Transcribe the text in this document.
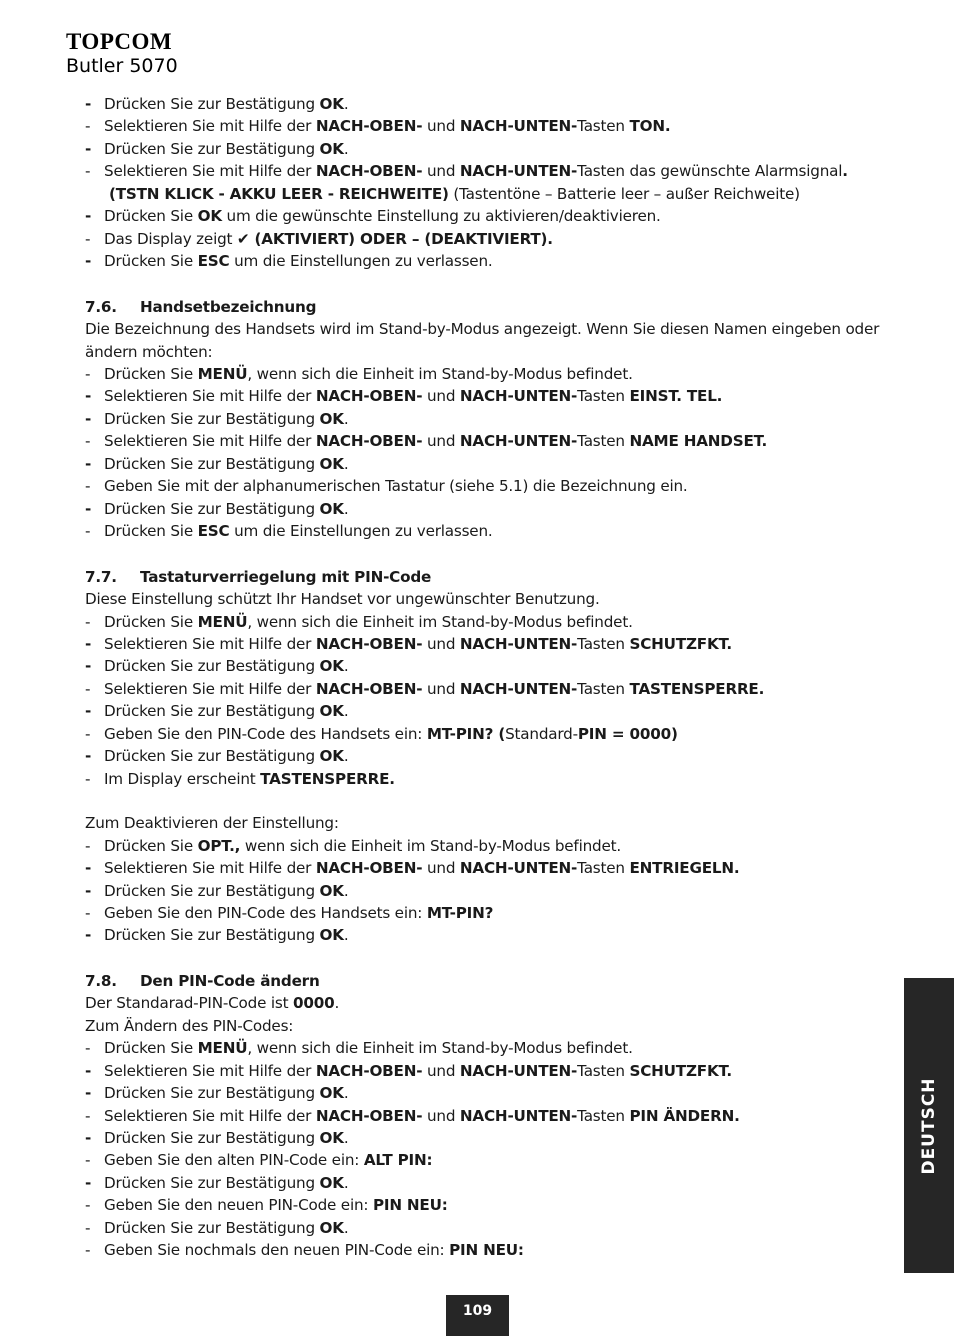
TOPCOM
Butler 5070
- Drücken Sie zur Bestätigung OK.
- Selektieren Sie mit Hilfe der NACH-OBEN- und NACH-UNTEN-Tasten TON.
- Drücken Sie zur Bestätigung OK.
- Selektieren Sie mit Hilfe der NACH-OBEN- und NACH-UNTEN-Tasten das gewünschte Alarmsignal.
(TSTN KLICK - AKKU LEER - REICHWEITE) (Tastentöne – Batterie leer – außer Reichweite)
- Drücken Sie OK um die gewünschte Einstellung zu aktivieren/deaktivieren.
- Das Display zeigt ✔ (AKTIVIERT) ODER – (DEAKTIVIERT).
- Drücken Sie ESC um die Einstellungen zu verlassen.
7.6. Handsetbezeichnung
Die Bezeichnung des Handsets wird im Stand-by-Modus angezeigt. Wenn Sie diesen Namen eingeben oder ändern möchten:
- Drücken Sie MENÜ, wenn sich die Einheit im Stand-by-Modus befindet.
- Selektieren Sie mit Hilfe der NACH-OBEN- und NACH-UNTEN-Tasten EINST. TEL.
- Drücken Sie zur Bestätigung OK.
- Selektieren Sie mit Hilfe der NACH-OBEN- und NACH-UNTEN-Tasten NAME HANDSET.
- Drücken Sie zur Bestätigung OK.
- Geben Sie mit der alphanumerischen Tastatur (siehe 5.1) die Bezeichnung ein.
- Drücken Sie zur Bestätigung OK.
- Drücken Sie ESC um die Einstellungen zu verlassen.
7.7. Tastaturverriegelung mit PIN-Code
Diese Einstellung schützt Ihr Handset vor ungewünschter Benutzung.
- Drücken Sie MENÜ, wenn sich die Einheit im Stand-by-Modus befindet.
- Selektieren Sie mit Hilfe der NACH-OBEN- und NACH-UNTEN-Tasten SCHUTZFKT.
- Drücken Sie zur Bestätigung OK.
- Selektieren Sie mit Hilfe der NACH-OBEN- und NACH-UNTEN-Tasten TASTENSPERRE.
- Drücken Sie zur Bestätigung OK.
- Geben Sie den PIN-Code des Handsets ein: MT-PIN? (Standard-PIN = 0000)
- Drücken Sie zur Bestätigung OK.
- Im Display erscheint TASTENSPERRE.
Zum Deaktivieren der Einstellung:
- Drücken Sie OPT., wenn sich die Einheit im Stand-by-Modus befindet.
- Selektieren Sie mit Hilfe der NACH-OBEN- und NACH-UNTEN-Tasten ENTRIEGELN.
- Drücken Sie zur Bestätigung OK.
- Geben Sie den PIN-Code des Handsets ein: MT-PIN?
- Drücken Sie zur Bestätigung OK.
7.8. Den PIN-Code ändern
Der Standarad-PIN-Code ist 0000.
Zum Ändern des PIN-Codes:
- Drücken Sie MENÜ, wenn sich die Einheit im Stand-by-Modus befindet.
- Selektieren Sie mit Hilfe der NACH-OBEN- und NACH-UNTEN-Tasten SCHUTZFKT.
- Drücken Sie zur Bestätigung OK.
- Selektieren Sie mit Hilfe der NACH-OBEN- und NACH-UNTEN-Tasten PIN ÄNDERN.
- Drücken Sie zur Bestätigung OK.
- Geben Sie den alten PIN-Code ein: ALT PIN:
- Drücken Sie zur Bestätigung OK.
- Geben Sie den neuen PIN-Code ein: PIN NEU:
- Drücken Sie zur Bestätigung OK.
- Geben Sie nochmals den neuen PIN-Code ein: PIN NEU:
DEUTSCH
109
